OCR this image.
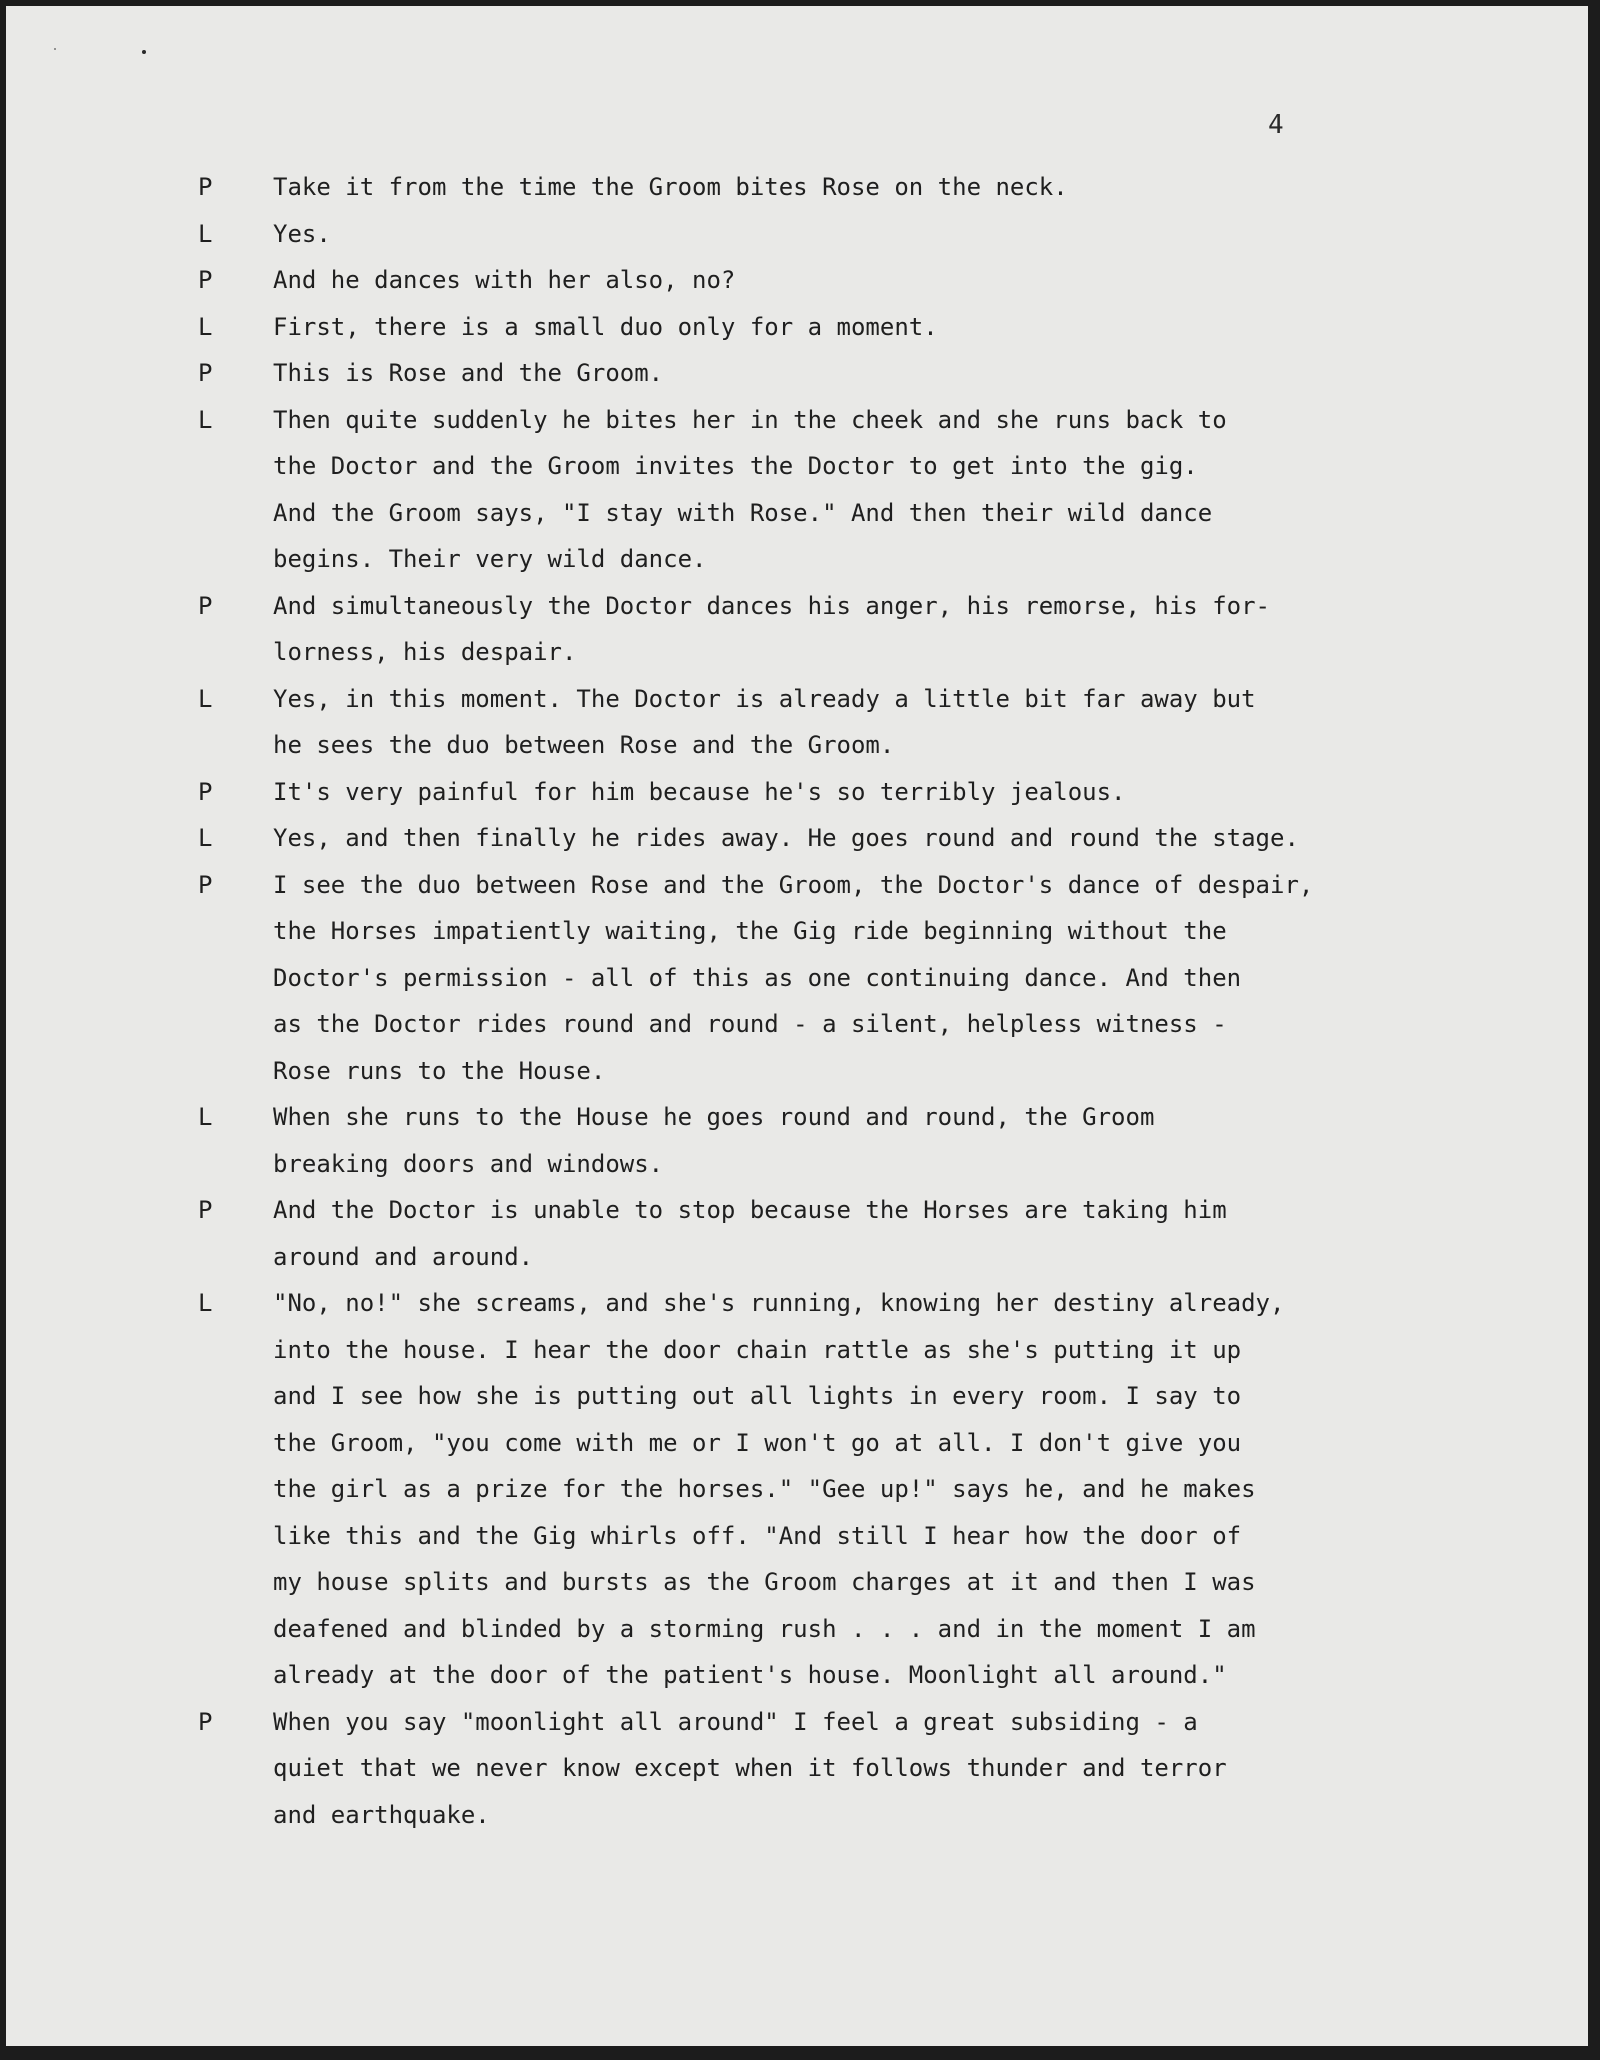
4
P	Take it from the time the Groom bites Rose on the neck.
L	Yes.
P	And he dances with her also, no?
L	First, there is a small duo only for a moment.
P	This is Rose and the Groom.
L	Then quite suddenly he bites her in the cheek and she runs back to
the Doctor and the Groom invites the Doctor to get into the gig.
And the Groom says, "I stay with Rose." And then their wild dance
begins. Their very wild dance.
P	And simultaneously the Doctor dances his anger, his remorse, his for-
lorness, his despair.
L	Yes, in this moment. The Doctor is already a little bit far away but
he sees the duo between Rose and the Groom.
P	It's very painful for him because he's so terribly jealous.
L	Yes, and then finally he rides away. He goes round and round the stage.
P	I see the duo between Rose and the Groom, the Doctor's dance of despair,
the Horses impatiently waiting, the Gig ride beginning without the
Doctor's permission - all of this as one continuing dance. And then
as the Doctor rides round and round - a silent, helpless witness -
Rose runs to the House.
L	When she runs to the House he goes round and round, the Groom
breaking doors and windows.
P	And the Doctor is unable to stop because the Horses are taking him
around and around.
L	"No, no!" she screams, and she's running, knowing her destiny already,
into the house. I hear the door chain rattle as she's putting it up
and I see how she is putting out all lights in every room. I say to
the Groom, "you come with me or I won't go at all. I don't give you
the girl as a prize for the horses." "Gee up!" says he, and he makes
like this and the Gig whirls off. "And still I hear how the door of
my house splits and bursts as the Groom charges at it and then I was
deafened and blinded by a storming rush . . . and in the moment I am
already at the door of the patient's house. Moonlight all around."
P	When you say "moonlight all around" I feel a great subsiding - a
quiet that we never know except when it follows thunder and terror
and earthquake.
